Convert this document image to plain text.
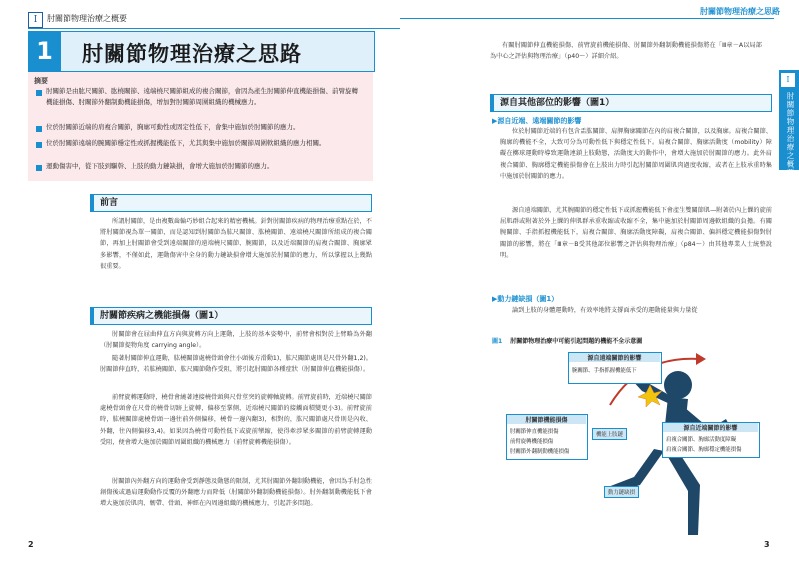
I	肘關節物理治療之概要
1	肘關節物理治療之思路
摘要
肘關節是由肱尺關節、肱橈關節、遠端橈尺關節組成的複合關節，會因為產生肘關節伸直機能損傷、前臂旋轉機能損傷、肘關節外翻制動機能損傷，增加對肘關節周圍組織的機械應力。
位於肘關節近端的肩複合關節，胸廓可動性或固定性低下，會集中施加於肘關節的應力。
位於肘關節遠端的腕關節穩定性或抓握機能低下，尤其與集中施加於關節周圍軟組織的應力相關。
運動傷害中，從下肢到驅幹、上肢的動力鏈缺損，會增大施加於肘關節的應力。
前言
所謂肘關節，是由複數齒輪巧妙組合起來的精密機械。針對肘關節疾病的物理治療重點在於，不將肘關節視為單一關節，而是認知到肘關節為肱尺關節、肱橈關節、遠端橈尺關節所組成的複合關節，再加上肘關節會受到遠端關節的遠端橈尺關節、腕關節，以及近端關節的肩複合關節、胸廓眾多影響，不僅如此，運動傷害中全身的動力鏈缺損會增大施加於肘關節的應力，所以掌握以上幾點很重要。
肘關節疾病之機能損傷（圖1）
肘關節會在屈曲伸直方向與旋轉方向上運動，上肢的基本姿勢中，前臂會相對於上臂略為外翻（肘關節提物角度 carrying angle）。
隨著肘關節伸直運動，肱橈關節處橈骨頭會往小頭後方滑動1)，肱尺關節處則是尺骨外翻1,2)。肘關節伸直時，若肱橈關節、肱尺關節動作受阻，將引起肘關節各種症狀（肘關節伸直機能損傷）。
前臂旋轉運動時，橈骨會繞著連接橈骨頭與尺骨莖突的旋轉軸旋轉。前臂旋前時，近端橈尺關節處橈骨頭會在尺骨的橈骨切跡上旋轉，偏移至掌側，近端橈尺關節的接觸面積變更小3)。前臂旋前時，肱橈關節處橈骨頭一邊往前外側偏移，橈骨一邊內翻3)，相對的，肱尺關節處尺骨則是內收、外翻，往內側偏移3,4)。如果因為橈骨可動性低下或旋前攣縮，使得牽涉眾多關節的前臂旋轉運動受阻，便會增大施加於關節周圍組織的機械應力（前臂旋轉機能損傷）。
肘關節內外翻方向的運動會受到靜態及動態的限制，尤其肘關節外翻制動機能，會因為手肘急性創傷後或過肩運動動作反覆的外翻應力而降低（肘關節外翻制動機能損傷）。肘外翻制動機能低下會增大施加於肌肉、韌帶、骨頭、神經在內周邊組織的機械應力，引起許多問題。
2
肘關節物理治療之思路
I
肘關節物理治療之概要
有關肘關節伸直機能損傷、前臂旋前機能損傷、肘關節外翻制動機能損傷將在「Ⅲ章－A以局部為中心之評估與物理治療」（p40～）詳細介紹。
源自其他部位的影響（圖1）
▶源自近端、遠端關節的影響
位於肘關節近端的有包含盂肱關節、肩胛胸廓關節在內的肩複合關節，以及胸廓。肩複合關節、胸廓的機能不全，大致可分為可動性低下與穩定性低下。肩複合關節、胸廓活動度（mobility）障礙在擲球運動時導致運動連鎖上肢動態，活動度大的動作中，會增大施加於肘關節的應力。此外肩複合關節、胸廓穩定機能損傷會在上肢出力時引起肘關節周圍肌肉過度收縮，或者在上肢承重時集中施加於肘關節的應力。
源自遠端關節，尤其腕關節的穩定性低下或抓握機能低下會產生雙關節肌—附著於內上髁的旋前屈肌群或附著於外上髁的伸肌群承重收縮或收縮不全，集中施加於肘關節周邊軟組織的負擔。有關腕關節、手指抓握機能低下，肩複合關節、胸廓活動度障礙，肩複合關節、偏斜穩定機能損傷對肘關節的影響，將在「Ⅲ章－B受其他部位影響之評估與物理治療」（p84～）由其他專業人士統整說明。
▶動力鏈缺損（圖1）
論到上肢的身體運動時，有效率地將支撐面承受的運動能量與力量從
圖1 肘關節物理治療中可能引起問題的機能不全示意圖
源自遠端關節的影響
腕關節、手指抓握機能低下
肘關節機能損傷
肘關節伸直機能損傷
前臂旋轉機能損傷
肘關節外翻制動機能損傷
源自近端關節的影響
肩複合關節、胸廓活動度障礙
肩複合關節、胸廓穩定機能損傷
機能上肢鏈
動力鏈缺損
3
